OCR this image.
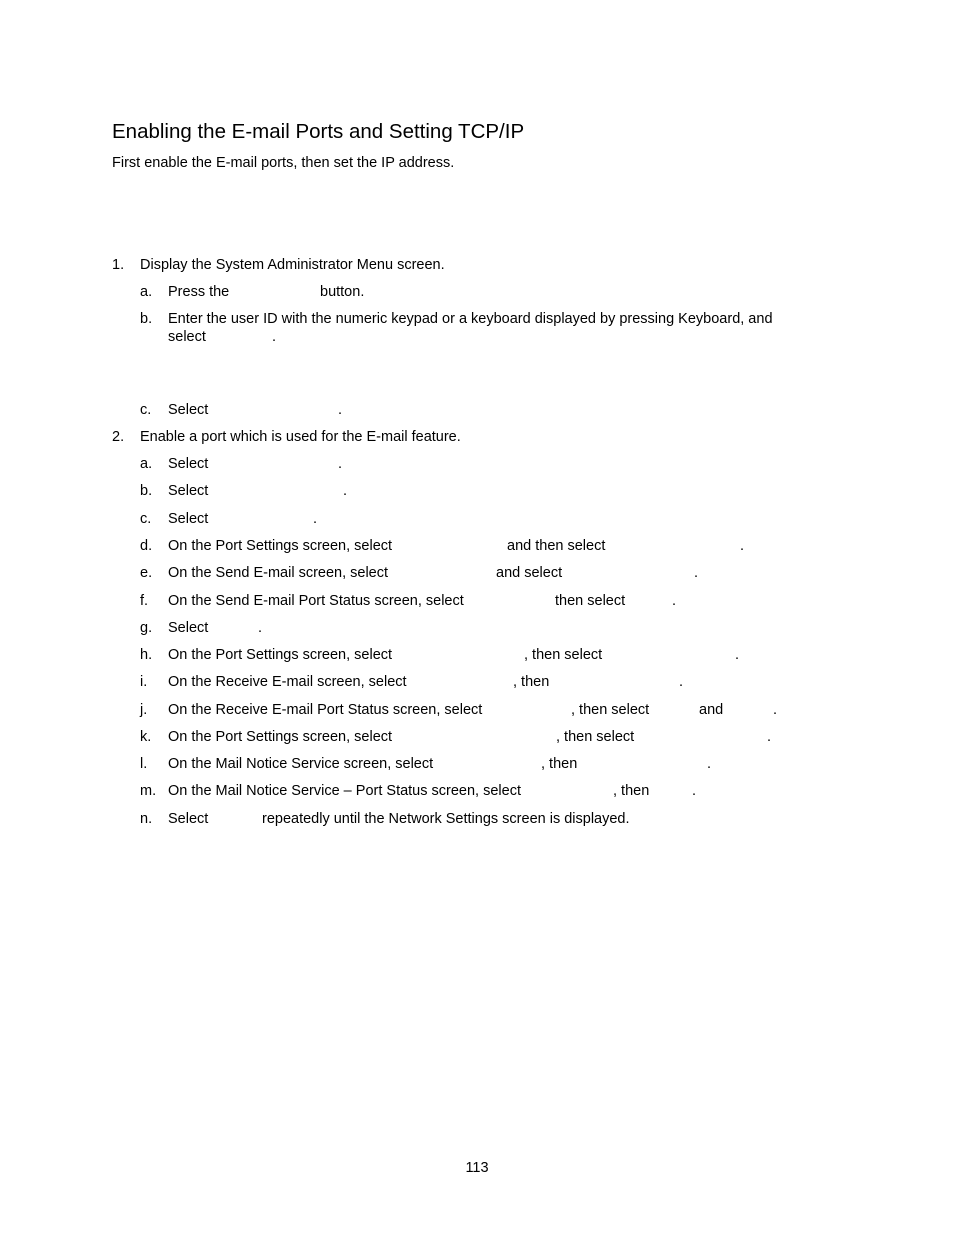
Enabling the E-mail Ports and Setting TCP/IP
First enable the E-mail ports, then set the IP address.
1. Display the System Administrator Menu screen.
a. Press the	button.
b. Enter the user ID with the numeric keypad or a keyboard displayed by pressing Keyboard, and
select	.
c. Select	.
2. Enable a port which is used for the E-mail feature.
a. Select	.
b. Select	.
c. Select	.
d. On the Port Settings screen, select	and then select	.
e. On the Send E-mail screen, select	and select	.
f. On the Send E-mail Port Status screen, select	then select	.
g. Select	.
h. On the Port Settings screen, select	, then select	.
i. On the Receive E-mail screen, select	, then	.
j. On the Receive E-mail Port Status screen, select	, then select	and	.
k. On the Port Settings screen, select	, then select	.
l. On the Mail Notice Service screen, select	, then	.
m. On the Mail Notice Service – Port Status screen, select	, then	.
n. Select	repeatedly until the Network Settings screen is displayed.
113
